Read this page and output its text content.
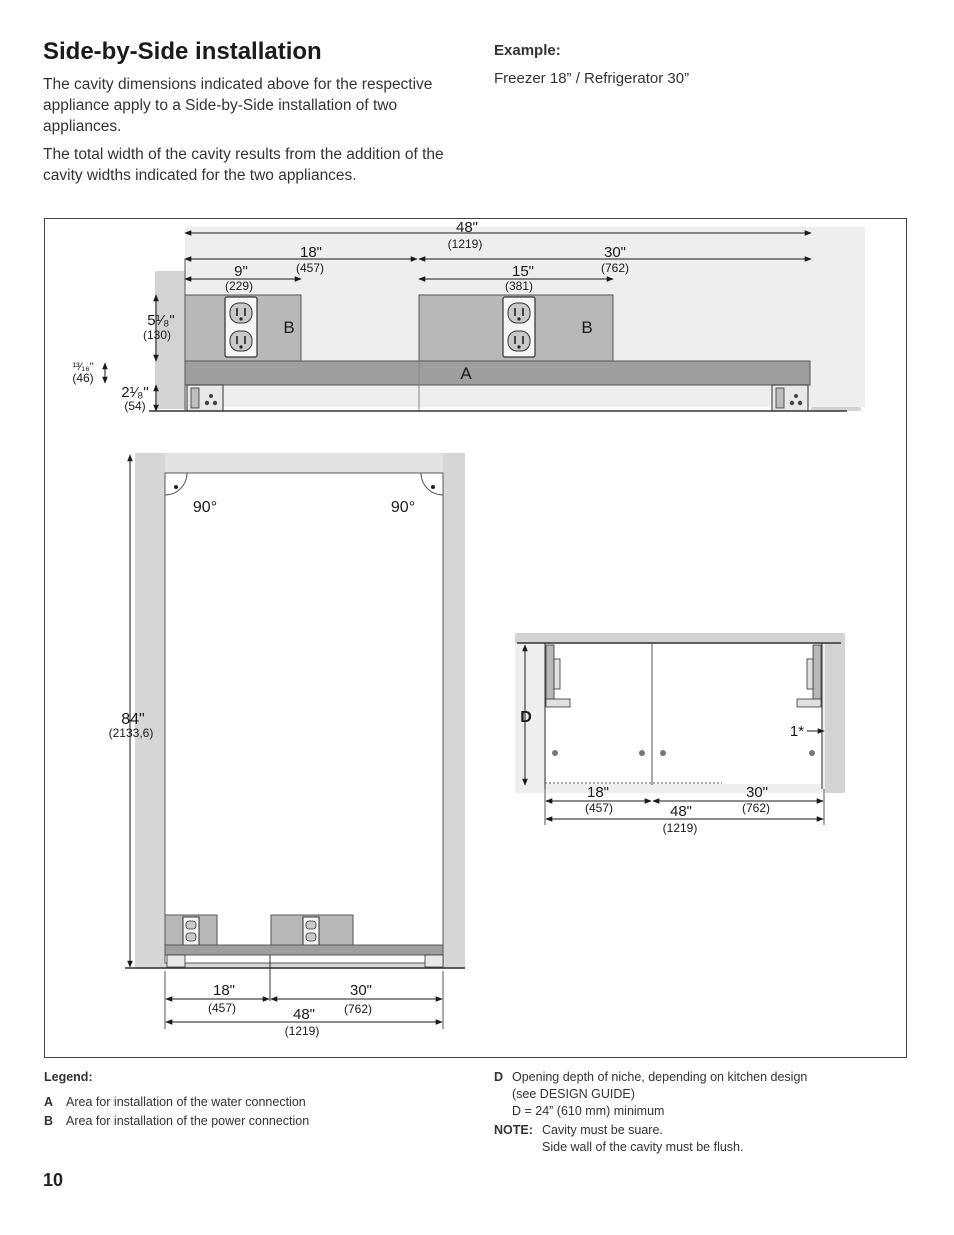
Side-by-Side installation

The cavity dimensions indicated above for the respective appliance apply to a Side-by-Side installation of two appliances.

The total width of the cavity results from the addition of the cavity widths indicated for the two appliances.

Example:
Freezer 18” / Refrigerator 30”
48"
(1219)
18"
(457)
30"
(762)
9"
(229)
15"
(381)
5¹⁄₈"
(130)
¹³⁄₁₆"
(46)
2¹⁄₈"
(54)
B	B
A
90°	90°
84"
(2133,6)
18"
(457)
30"
(762)
48"
(1219)
D
1*
18"
(457)
30"
(762)
48"
(1219)
Legend:
A Area for installation of the water connection
B Area for installation of the power connection
D Opening depth of niche, depending on kitchen design
(see DESIGN GUIDE)
D = 24” (610 mm) minimum
NOTE: Cavity must be suare.
Side wall of the cavity must be flush.
10
